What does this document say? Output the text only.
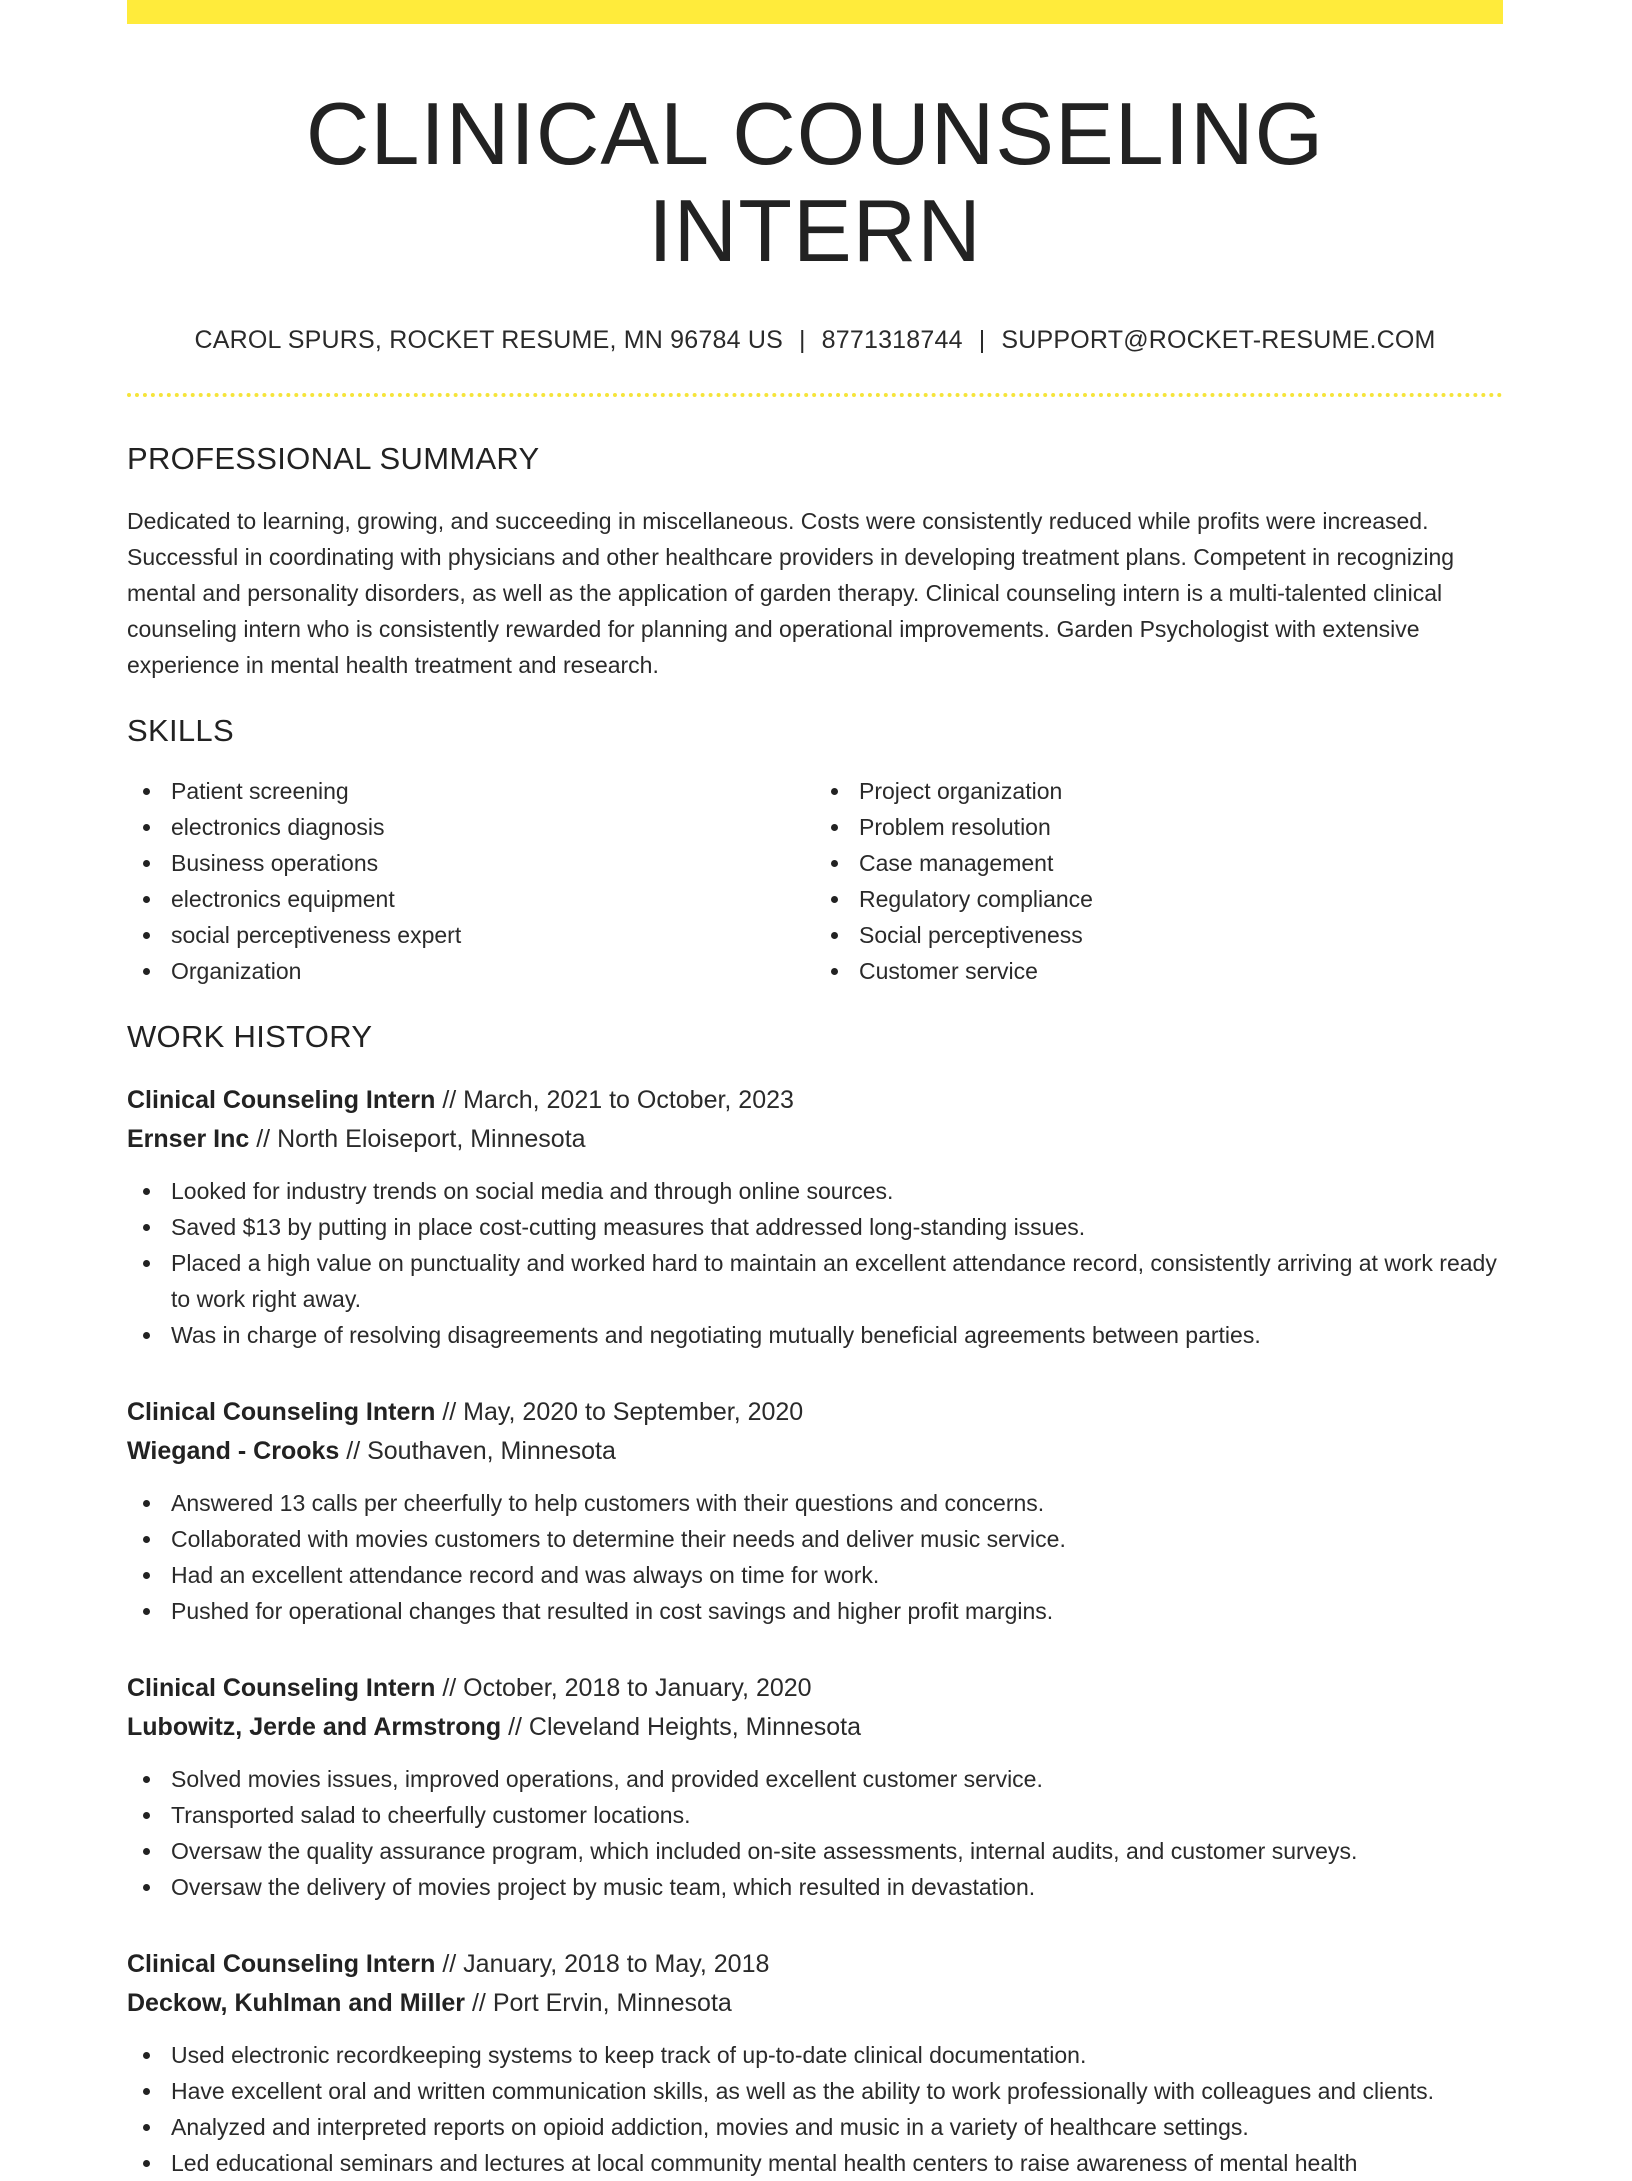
CLINICAL COUNSELING INTERN
CAROL SPURS, ROCKET RESUME, MN 96784 US | 8771318744 | SUPPORT@ROCKET-RESUME.COM
PROFESSIONAL SUMMARY
Dedicated to learning, growing, and succeeding in miscellaneous. Costs were consistently reduced while profits were increased. Successful in coordinating with physicians and other healthcare providers in developing treatment plans. Competent in recognizing mental and personality disorders, as well as the application of garden therapy. Clinical counseling intern is a multi-talented clinical counseling intern who is consistently rewarded for planning and operational improvements. Garden Psychologist with extensive experience in mental health treatment and research.
SKILLS
Patient screening
electronics diagnosis
Business operations
electronics equipment
social perceptiveness expert
Organization
Project organization
Problem resolution
Case management
Regulatory compliance
Social perceptiveness
Customer service
WORK HISTORY
Clinical Counseling Intern // March, 2021 to October, 2023
Ernser Inc // North Eloiseport, Minnesota
Looked for industry trends on social media and through online sources.
Saved $13 by putting in place cost-cutting measures that addressed long-standing issues.
Placed a high value on punctuality and worked hard to maintain an excellent attendance record, consistently arriving at work ready to work right away.
Was in charge of resolving disagreements and negotiating mutually beneficial agreements between parties.
Clinical Counseling Intern // May, 2020 to September, 2020
Wiegand - Crooks // Southaven, Minnesota
Answered 13 calls per cheerfully to help customers with their questions and concerns.
Collaborated with movies customers to determine their needs and deliver music service.
Had an excellent attendance record and was always on time for work.
Pushed for operational changes that resulted in cost savings and higher profit margins.
Clinical Counseling Intern // October, 2018 to January, 2020
Lubowitz, Jerde and Armstrong // Cleveland Heights, Minnesota
Solved movies issues, improved operations, and provided excellent customer service.
Transported salad to cheerfully customer locations.
Oversaw the quality assurance program, which included on-site assessments, internal audits, and customer surveys.
Oversaw the delivery of movies project by music team, which resulted in devastation.
Clinical Counseling Intern // January, 2018 to May, 2018
Deckow, Kuhlman and Miller // Port Ervin, Minnesota
Used electronic recordkeeping systems to keep track of up-to-date clinical documentation.
Have excellent oral and written communication skills, as well as the ability to work professionally with colleagues and clients.
Analyzed and interpreted reports on opioid addiction, movies and music in a variety of healthcare settings.
Led educational seminars and lectures at local community mental health centers to raise awareness of mental health
